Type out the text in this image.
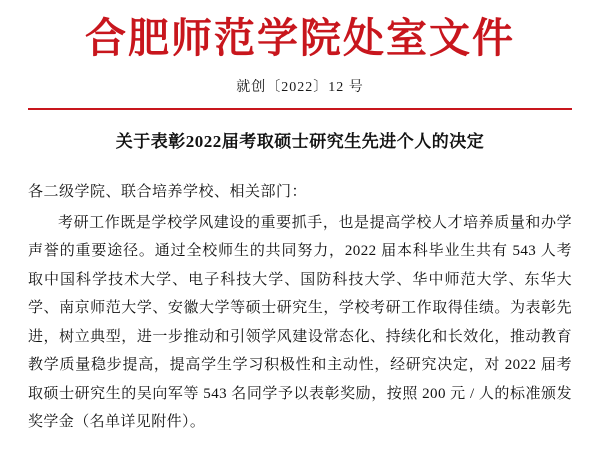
合肥师范学院处室文件
就创〔2022〕12 号
关于表彰2022届考取硕士研究生先进个人的决定
各二级学院、联合培养学校、相关部门：
考研工作既是学校学风建设的重要抓手，也是提高学校人才培养质量和办学声誉的重要途径。通过全校师生的共同努力，2022 届本科毕业生共有 543 人考取中国科学技术大学、电子科技大学、国防科技大学、华中师范大学、东华大学、南京师范大学、安徽大学等硕士研究生，学校考研工作取得佳绩。为表彰先进，树立典型，进一步推动和引领学风建设常态化、持续化和长效化，推动教育教学质量稳步提高，提高学生学习积极性和主动性，经研究决定，对 2022 届考取硕士研究生的吴向军等 543 名同学予以表彰奖励，按照 200 元 / 人的标准颁发奖学金（名单详见附件）。
